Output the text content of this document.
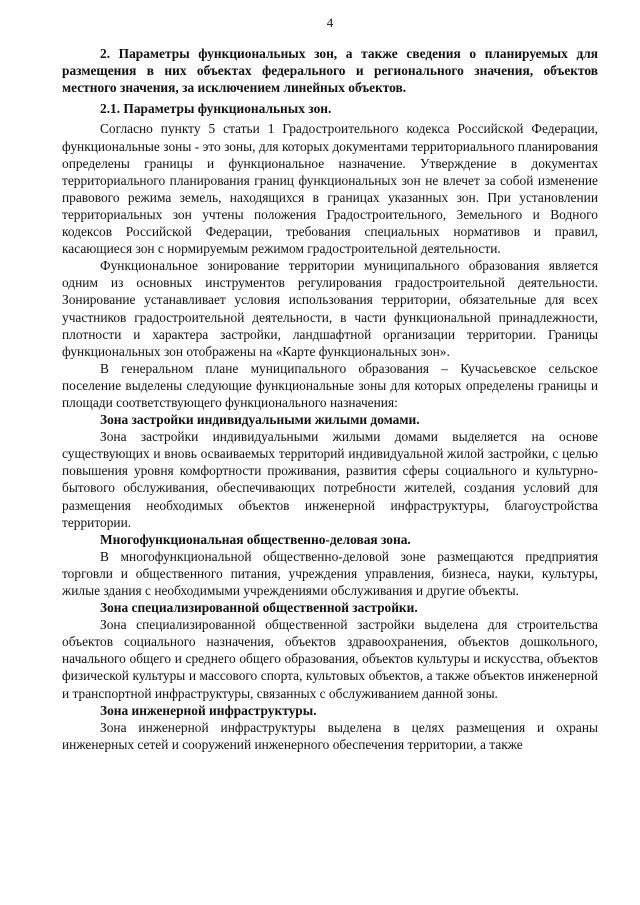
4

2. Параметры функциональных зон, а также сведения о планируемых для размещения в них объектах федерального и регионального значения, объектов местного значения, за исключением линейных объектов.

2.1. Параметры функциональных зон.

Согласно пункту 5 статьи 1 Градостроительного кодекса Российской Федерации, функциональные зоны - это зоны, для которых документами территориального планирования определены границы и функциональное назначение. Утверждение в документах территориального планирования границ функциональных зон не влечет за собой изменение правового режима земель, находящихся в границах указанных зон. При установлении территориальных зон учтены положения Градостроительного, Земельного и Водного кодексов Российской Федерации, требования специальных нормативов и правил, касающиеся зон с нормируемым режимом градостроительной деятельности.

Функциональное зонирование территории муниципального образования является одним из основных инструментов регулирования градостроительной деятельности. Зонирование устанавливает условия использования территории, обязательные для всех участников градостроительной деятельности, в части функциональной принадлежности, плотности и характера застройки, ландшафтной организации территории. Границы функциональных зон отображены на «Карте функциональных зон».

В генеральном плане муниципального образования – Кучасьевское сельское поселение выделены следующие функциональные зоны для которых определены границы и площади соответствующего функционального назначения:

Зона застройки индивидуальными жилыми домами.

Зона застройки индивидуальными жилыми домами выделяется на основе существующих и вновь осваиваемых территорий индивидуальной жилой застройки, с целью повышения уровня комфортности проживания, развития сферы социального и культурно-бытового обслуживания, обеспечивающих потребности жителей, создания условий для размещения необходимых объектов инженерной инфраструктуры, благоустройства территории.

Многофункциональная общественно-деловая зона.

В многофункциональной общественно-деловой зоне размещаются предприятия торговли и общественного питания, учреждения управления, бизнеса, науки, культуры, жилые здания с необходимыми учреждениями обслуживания и другие объекты.

Зона специализированной общественной застройки.

Зона специализированной общественной застройки выделена для строительства объектов социального назначения, объектов здравоохранения, объектов дошкольного, начального общего и среднего общего образования, объектов культуры и искусства, объектов физической культуры и массового спорта, культовых объектов, а также объектов инженерной и транспортной инфраструктуры, связанных с обслуживанием данной зоны.

Зона инженерной инфраструктуры.

Зона инженерной инфраструктуры выделена в целях размещения и охраны инженерных сетей и сооружений инженерного обеспечения территории, а также
